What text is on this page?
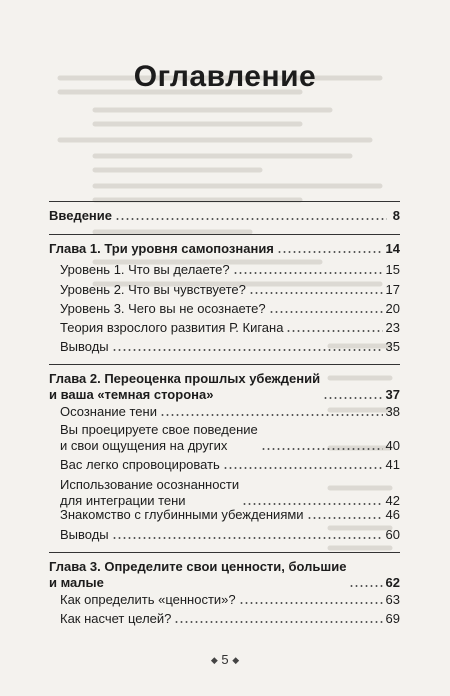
Оглавление
Введение	8
Глава 1. Три уровня самопознания	14
Уровень 1. Что вы делаете?	15
Уровень 2. Что вы чувствуете?	17
Уровень 3. Чего вы не осознаете?	20
Теория взрослого развития Р. Кигана	23
Выводы	35
Глава 2. Переоценка прошлых убеждений
и ваша «темная сторона»	37
Осознание тени	38
Вы проецируете свое поведение
и свои ощущения на других	40
Вас легко спровоцировать	41
Использование осознанности
для интеграции тени	42
Знакомство с глубинными убеждениями	46
Выводы	60
Глава 3. Определите свои ценности, большие
и малые	62
Как определить «ценности»?	63
Как насчет целей?	69
◆ 5 ◆
